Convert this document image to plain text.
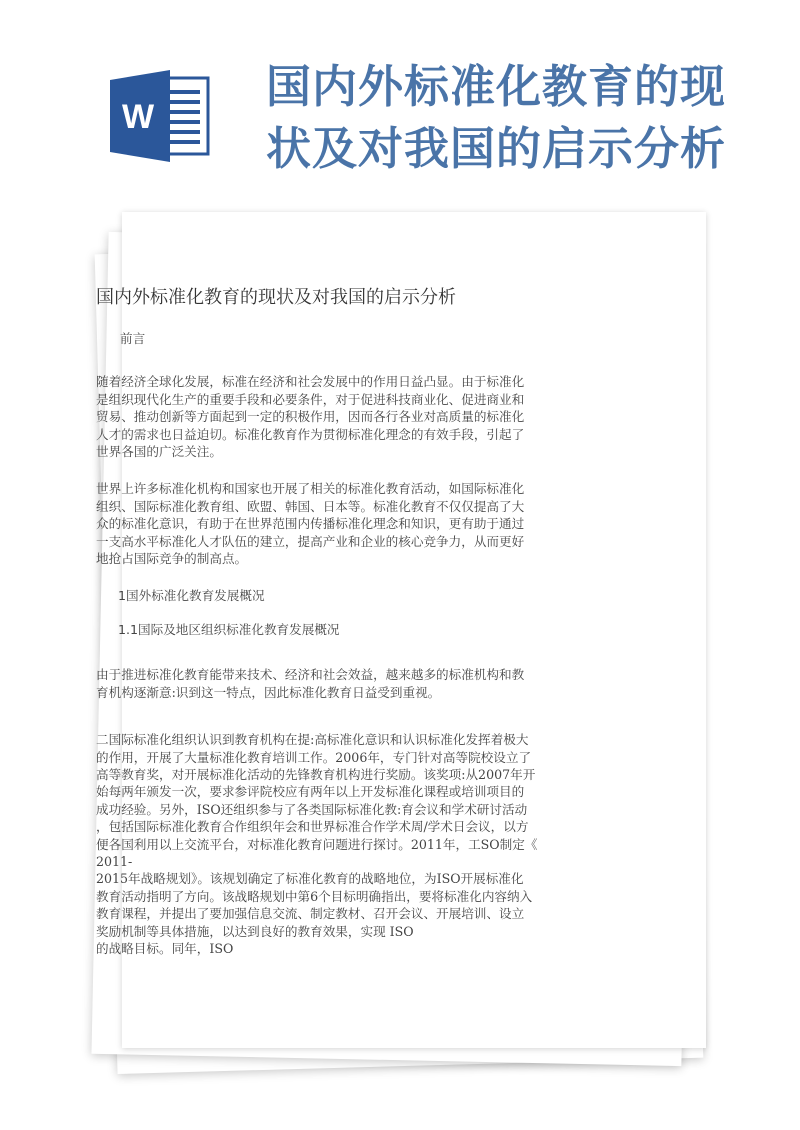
W
国内外标准化教育的现
状及对我国的启示分析
国内外标准化教育的现状及对我国的启示分析
前言
随着经济全球化发展，标准在经济和社会发展中的作用日益凸显。由于标准化
是组织现代化生产的重要手段和必要条件，对于促进科技商业化、促进商业和
贸易、推动创新等方面起到一定的积极作用，因而各行各业对高质量的标准化
人才的需求也日益迫切。标准化教育作为贯彻标准化理念的有效手段，引起了
世界各国的广泛关注。
世界上许多标准化机构和国家也开展了相关的标准化教育活动，如国际标准化
组织、国际标准化教育组、欧盟、韩国、日本等。标准化教育不仅仅提高了大
众的标准化意识，有助于在世界范围内传播标准化理念和知识，更有助于通过
一支高水平标准化人才队伍的建立，提高产业和企业的核心竞争力，从而更好
地抢占国际竞争的制高点。
1国外标准化教育发展概况
1.1国际及地区组织标准化教育发展概况
由于推进标准化教育能带来技术、经济和社会效益，越来越多的标准机构和教
育机构逐渐意:识到这一特点，因此标准化教育日益受到重视。
二国际标准化组织认识到教育机构在提:高标准化意识和认识标准化发挥着极大
的作用，开展了大量标准化教育培训工作。2006年，专门针对高等院校设立了
高等教育奖，对开展标准化活动的先锋教育机构进行奖励。该奖项:从2007年开
始每两年颁发一次，要求参评院校应有两年以上开发标准化课程或培训项目的
成功经验。另外，ISO还组织参与了各类国际标准化教:育会议和学术研讨活动
，包括国际标准化教育合作组织年会和世界标准合作学术周/学术日会议，以方
便各国利用以上交流平台，对标准化教育问题进行探讨。2011年，工SO制定《
2011-
2015年战略规划》。该规划确定了标准化教育的战略地位，为ISO开展标准化
教育活动指明了方向。该战略规划中第6个目标明确指出，要将标准化内容纳入
教育课程，并提出了要加强信息交流、制定教材、召开会议、开展培训、设立
奖励机制等具体措施，以达到良好的教育效果，实现 ISO
的战略目标。同年，ISO
